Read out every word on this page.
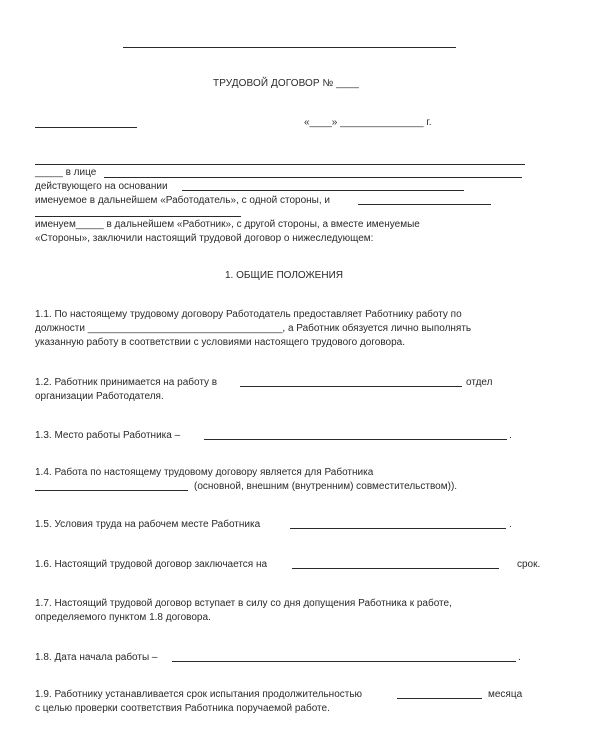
ТРУДОВОЙ ДОГОВОР № ____
«____» _______________ г.
_____ в лице
действующего на основании
именуемое в дальнейшем «Работодатель», с одной стороны, и
именуем_____ в дальнейшем «Работник», с другой стороны, а вместе именуемые
«Стороны», заключили настоящий трудовой договор о нижеследующем:
1. ОБЩИЕ ПОЛОЖЕНИЯ
1.1. По настоящему трудовому договору Работодатель предоставляет Работнику работу по
должности ___________________________________, а Работник обязуется лично выполнять
указанную работу в соответствии с условиями настоящего трудового договора.
1.2. Работник принимается на работу в	отдел
организации Работодателя.
1.3. Место работы Работника –	.
1.4. Работа по настоящему трудовому договору является для Работника
(основной, внешним (внутренним) совместительством)).
1.5. Условия труда на рабочем месте Работника	.
1.6. Настоящий трудовой договор заключается на	срок.
1.7. Настоящий трудовой договор вступает в силу со дня допущения Работника к работе,
определяемого пунктом 1.8 договора.
1.8. Дата начала работы –	.
1.9. Работнику устанавливается срок испытания продолжительностью	месяца
с целью проверки соответствия Работника поручаемой работе.
